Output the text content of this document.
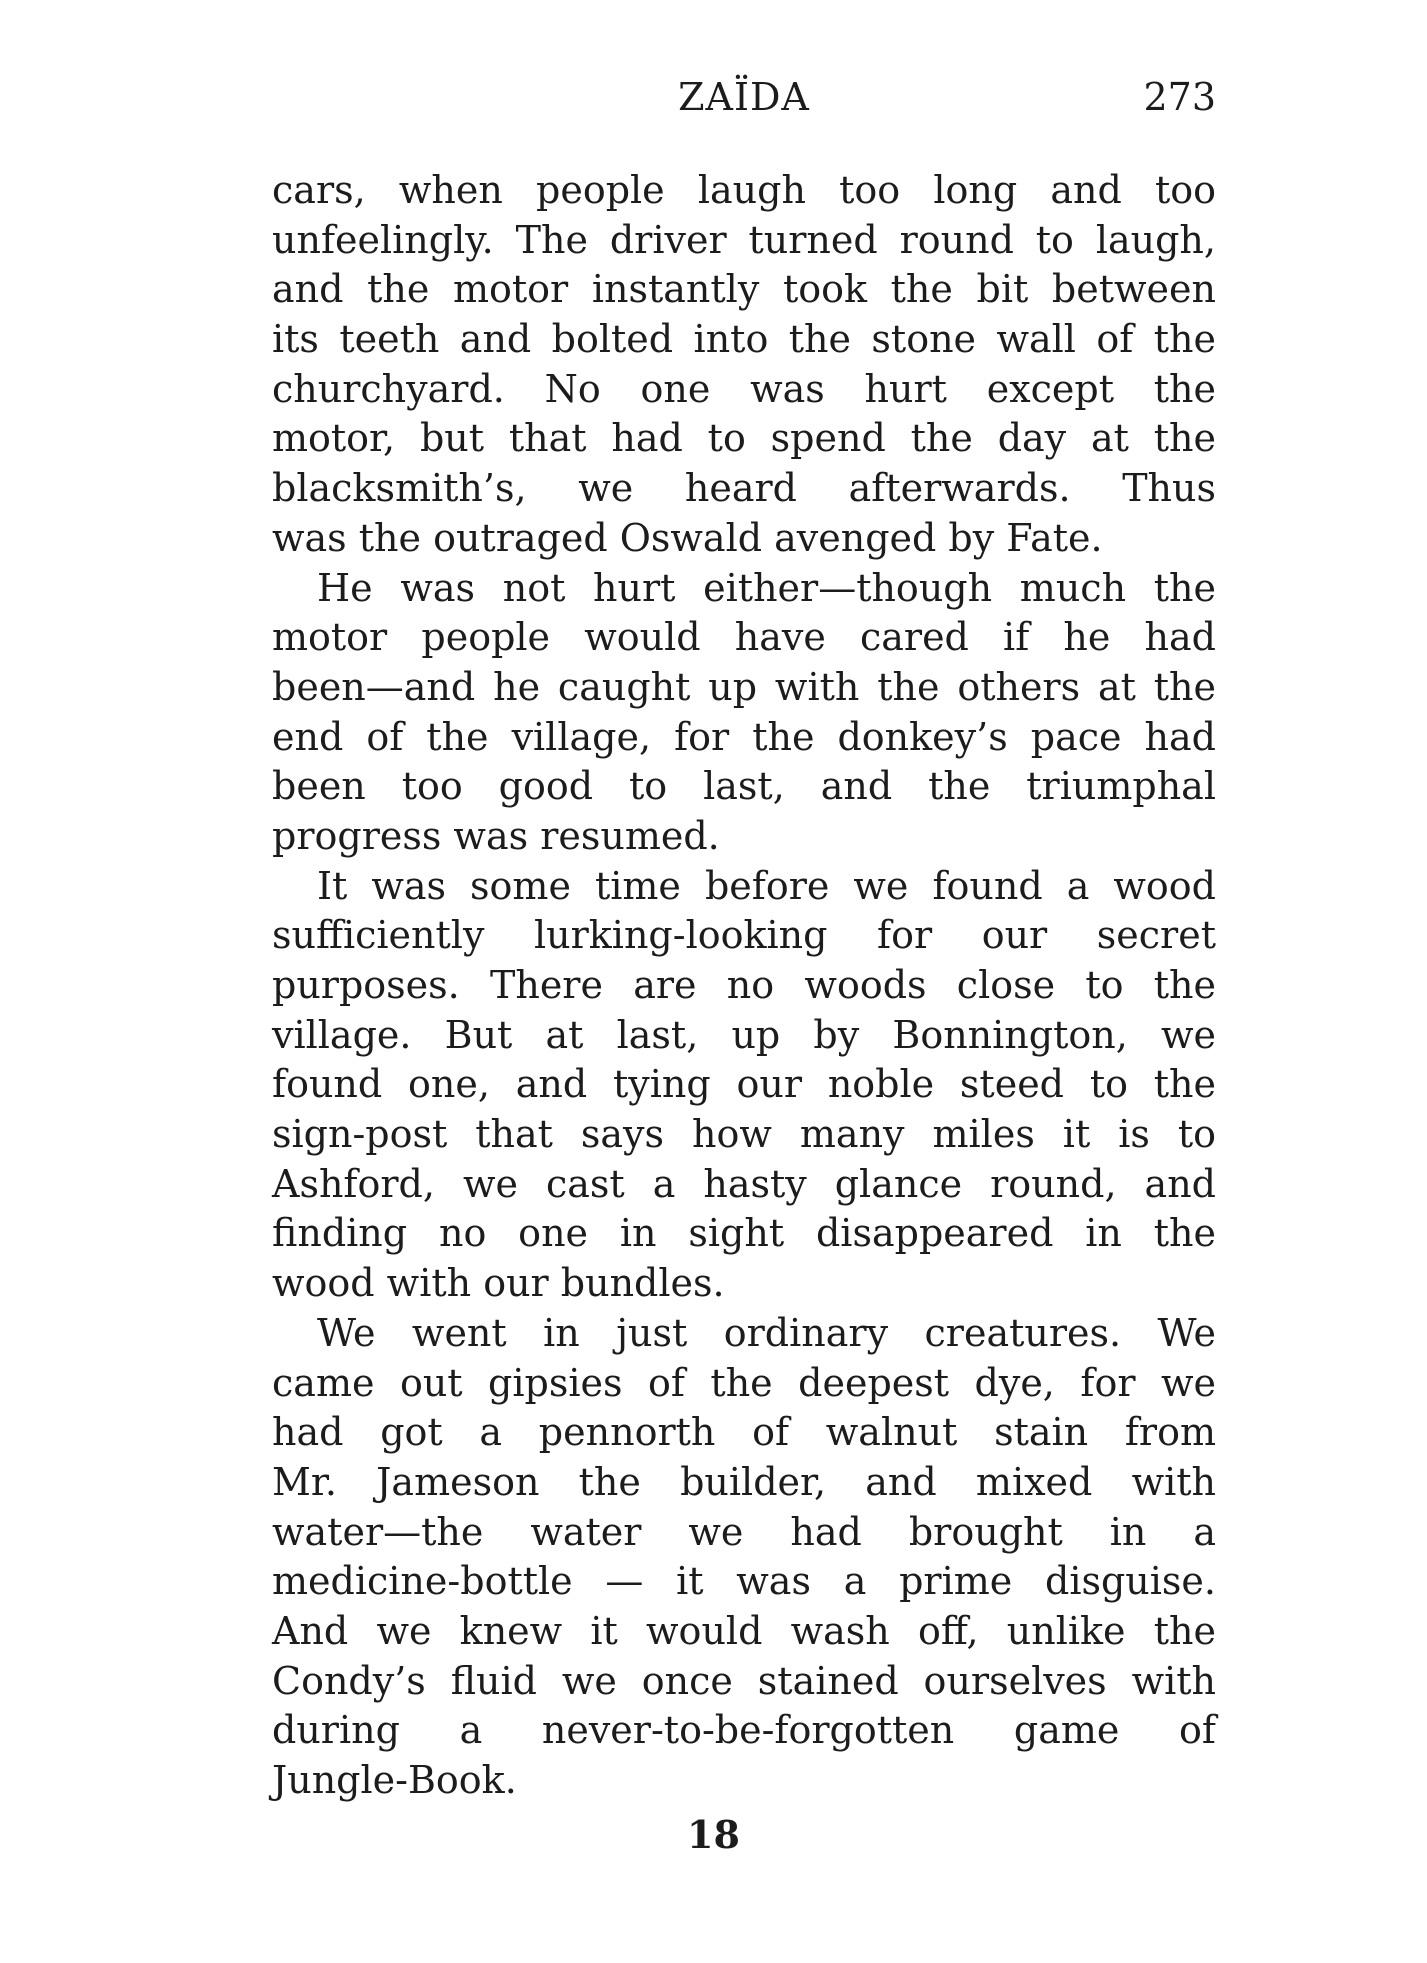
ZAÏDA	273
cars, when people laugh too long and too
unfeelingly. The driver turned round to laugh,
and the motor instantly took the bit between
its teeth and bolted into the stone wall of the
churchyard. No one was hurt except the
motor, but that had to spend the day at the
blacksmith’s, we heard afterwards. Thus
was the outraged Oswald avenged by Fate.
He was not hurt either—though much the
motor people would have cared if he had
been—and he caught up with the others at the
end of the village, for the donkey’s pace had
been too good to last, and the triumphal
progress was resumed.
It was some time before we found a wood
sufficiently lurking-looking for our secret
purposes. There are no woods close to the
village. But at last, up by Bonnington, we
found one, and tying our noble steed to the
sign-post that says how many miles it is to
Ashford, we cast a hasty glance round, and
finding no one in sight disappeared in the
wood with our bundles.
We went in just ordinary creatures. We
came out gipsies of the deepest dye, for we
had got a pennorth of walnut stain from
Mr. Jameson the builder, and mixed with
water—the water we had brought in a
medicine-bottle — it was a prime disguise.
And we knew it would wash off, unlike the
Condy’s fluid we once stained ourselves with
during a never-to-be-forgotten game of
Jungle-Book.
18
